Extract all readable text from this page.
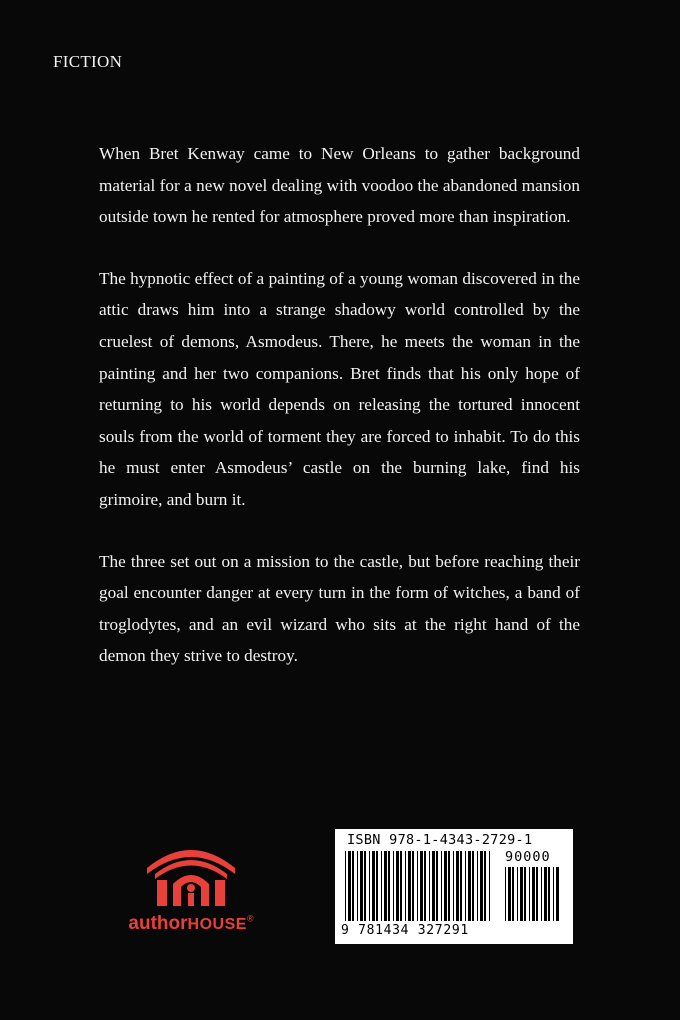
FICTION

When Bret Kenway came to New Orleans to gather background material for a new novel dealing with voodoo the abandoned mansion outside town he rented for atmosphere proved more than inspiration.

The hypnotic effect of a painting of a young woman discovered in the attic draws him into a strange shadowy world controlled by the cruelest of demons, Asmodeus. There, he meets the woman in the painting and her two companions. Bret finds that his only hope of returning to his world depends on releasing the tortured innocent souls from the world of torment they are forced to inhabit. To do this he must enter Asmodeus’ castle on the burning lake, find his grimoire, and burn it.

The three set out on a mission to the castle, but before reaching their goal encounter danger at every turn in the form of witches, a band of troglodytes, and an evil wizard who sits at the right hand of the demon they strive to destroy.

authorHOUSE®
ISBN 978-1-4343-2729-1
90000
9 781434 327291
